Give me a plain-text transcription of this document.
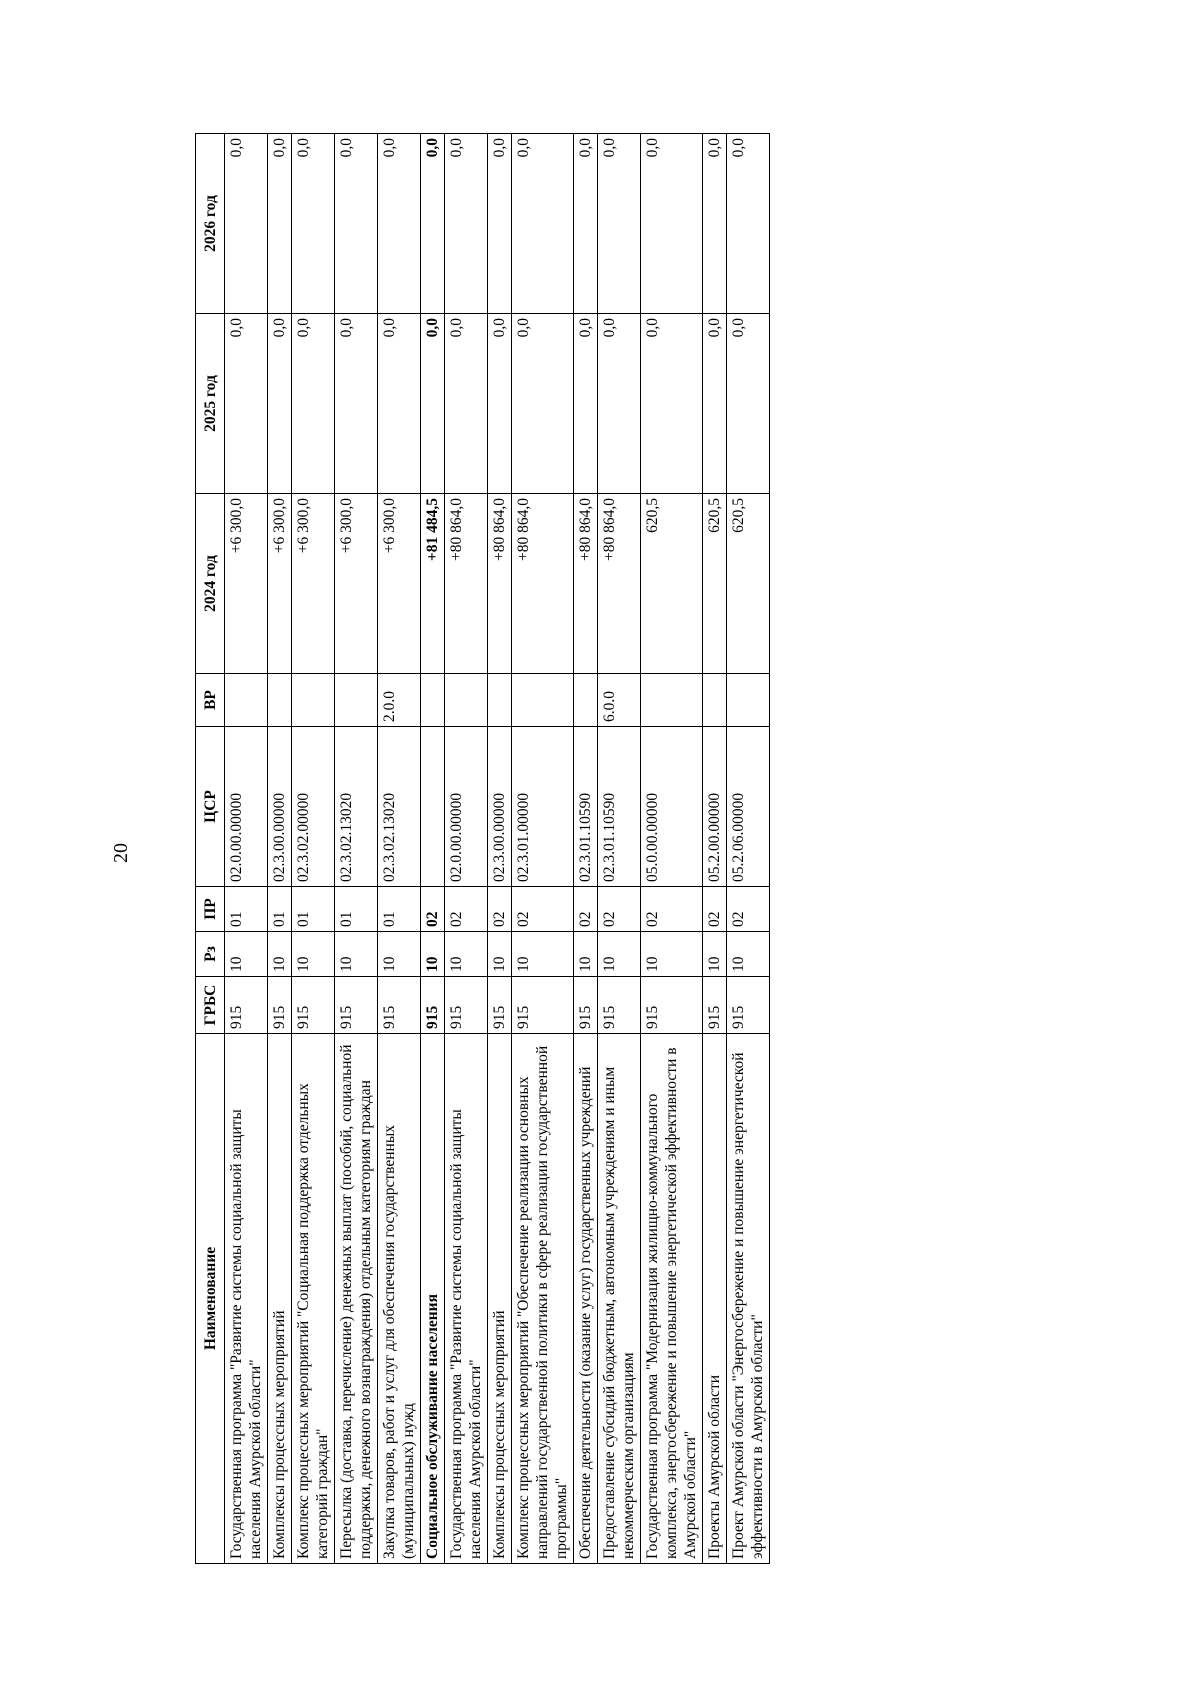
20
Наименование	ГРБС	Рз	ПР	ЦСР	ВР	2024 год	2025 год	2026 год
Государственная программа "Развитие системы социальной защиты населения Амурской области"	915	10	01	02.0.00.00000		+6 300,0	0,0	0,0
Комплексы процессных мероприятий	915	10	01	02.3.00.00000		+6 300,0	0,0	0,0
Комплекс процессных мероприятий "Социальная поддержка отдельных категорий граждан"	915	10	01	02.3.02.00000		+6 300,0	0,0	0,0
Пересылка (доставка, перечисление) денежных выплат (пособий, социальной поддержки, денежного вознаграждения) отдельным категориям граждан	915	10	01	02.3.02.13020		+6 300,0	0,0	0,0
Закупка товаров, работ и услуг для обеспечения государственных (муниципальных) нужд	915	10	01	02.3.02.13020	2.0.0	+6 300,0	0,0	0,0
Социальное обслуживание населения	915	10	02			+81 484,5	0,0	0,0
Государственная программа "Развитие системы социальной защиты населения Амурской области"	915	10	02	02.0.00.00000		+80 864,0	0,0	0,0
Комплексы процессных мероприятий	915	10	02	02.3.00.00000		+80 864,0	0,0	0,0
Комплекс процессных мероприятий "Обеспечение реализации основных направлений государственной политики в сфере реализации государственной программы"	915	10	02	02.3.01.00000		+80 864,0	0,0	0,0
Обеспечение деятельности (оказание услуг) государственных учреждений	915	10	02	02.3.01.10590		+80 864,0	0,0	0,0
Предоставление субсидий бюджетным, автономным учреждениям и иным некоммерческим организациям	915	10	02	02.3.01.10590	6.0.0	+80 864,0	0,0	0,0
Государственная программа "Модернизация жилищно-коммунального комплекса, энергосбережение и повышение энергетической эффективности в Амурской области"	915	10	02	05.0.00.00000		620,5	0,0	0,0
Проекты Амурской области	915	10	02	05.2.00.00000		620,5	0,0	0,0
Проект Амурской области "Энергосбережение и повышение энергетической эффективности в Амурской области"	915	10	02	05.2.06.00000		620,5	0,0	0,0
